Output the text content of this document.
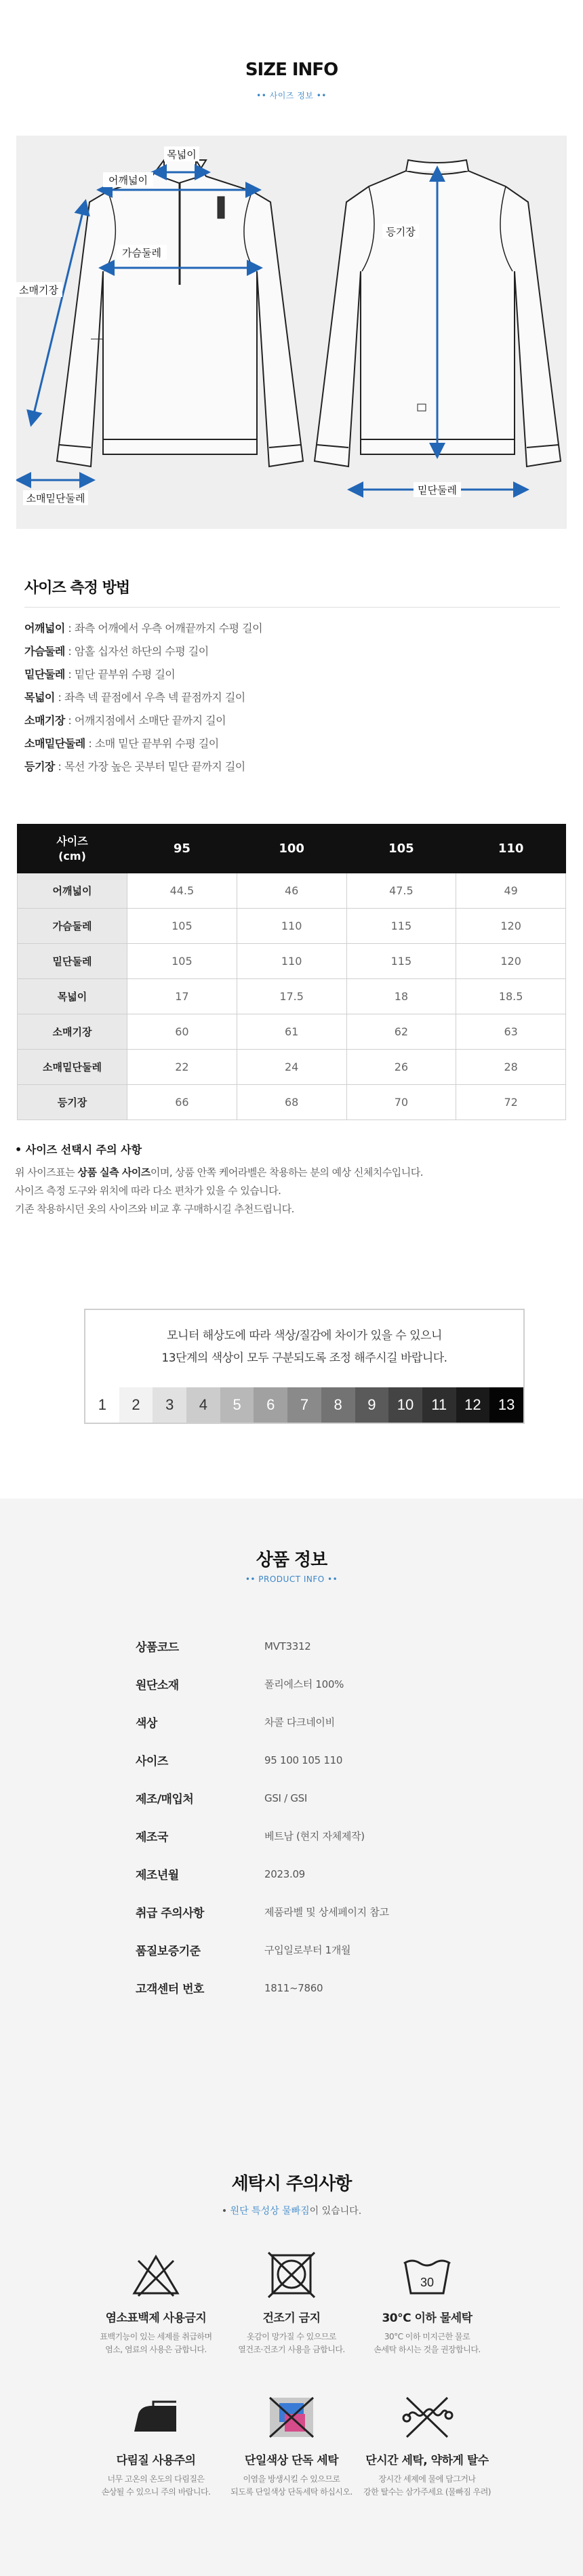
SIZE INFO
•• 사이즈 정보 ••
목넓이
어깨넓이
가슴둘레
소매기장
소매밑단둘레
등기장
밑단둘레
사이즈 측정 방법
어깨넓이 : 좌측 어깨에서 우측 어깨끝까지 수평 길이
가슴둘레 : 암홀 십자선 하단의 수평 길이
밑단둘레 : 밑단 끝부위 수평 길이
목넓이 : 좌측 넥 끝점에서 우측 넥 끝점까지 길이
소매기장 : 어깨지점에서 소매단 끝까지 길이
소매밑단둘레 : 소매 밑단 끝부위 수평 길이
등기장 : 목선 가장 높은 곳부터 밑단 끝까지 길이
사이즈
(cm)	95	100	105	110
어깨넓이	44.5	46	47.5	49
가슴둘레	105	110	115	120
밑단둘레	105	110	115	120
목넓이	17	17.5	18	18.5
소매기장	60	61	62	63
소매밑단둘레	22	24	26	28
등기장	66	68	70	72
• 사이즈 선택시 주의 사항

위 사이즈표는 상품 실측 사이즈이며, 상품 안쪽 케어라벨은 착용하는 분의 예상 신체치수입니다.

사이즈 측정 도구와 위치에 따라 다소 편차가 있을 수 있습니다.

기존 착용하시던 옷의 사이즈와 비교 후 구매하시길 추천드립니다.

모니터 해상도에 따라 색상/질감에 차이가 있을 수 있으니
13단계의 색상이 모두 구분되도록 조정 해주시길 바랍니다.
1	2	3	4	5	6	7	8	9	10	11	12	13
상품 정보
•• PRODUCT INFO ••
상품코드	MVT3312
원단소재	폴리에스터 100%
색상	차콜 다크네이비
사이즈	95 100 105 110
제조/매입처	GSI / GSI
제조국	베트남 (현지 자체제작)
제조년월	2023.09
취급 주의사항	제품라벨 및 상세페이지 참고
품질보증기준	구입일로부터 1개월
고객센터 번호	1811~7860
세탁시 주의사항
• 원단 특성상 물빠짐이 있습니다.
염소표백제 사용금지
표백기능이 있는 세제를 취급하며
염소, 염료의 사용은 금합니다.
건조기 금지
옷감이 망가질 수 있으므로
열건조·건조기 사용을 금합니다.
30
30°C 이하 물세탁
30°C 이하 미지근한 물로
손세탁 하시는 것을 권장합니다.
다림질 사용주의
너무 고온의 온도의 다림질은
손상될 수 있으니 주의 바랍니다.
단일색상 단독 세탁
이염을 방생시킬 수 있으므로
되도록 단일색상 단독세탁 하십시오.
단시간 세탁, 약하게 탈수
장시간 세제에 물에 담그거나
강한 탈수는 삼가주세요 (물빠짐 우려)
